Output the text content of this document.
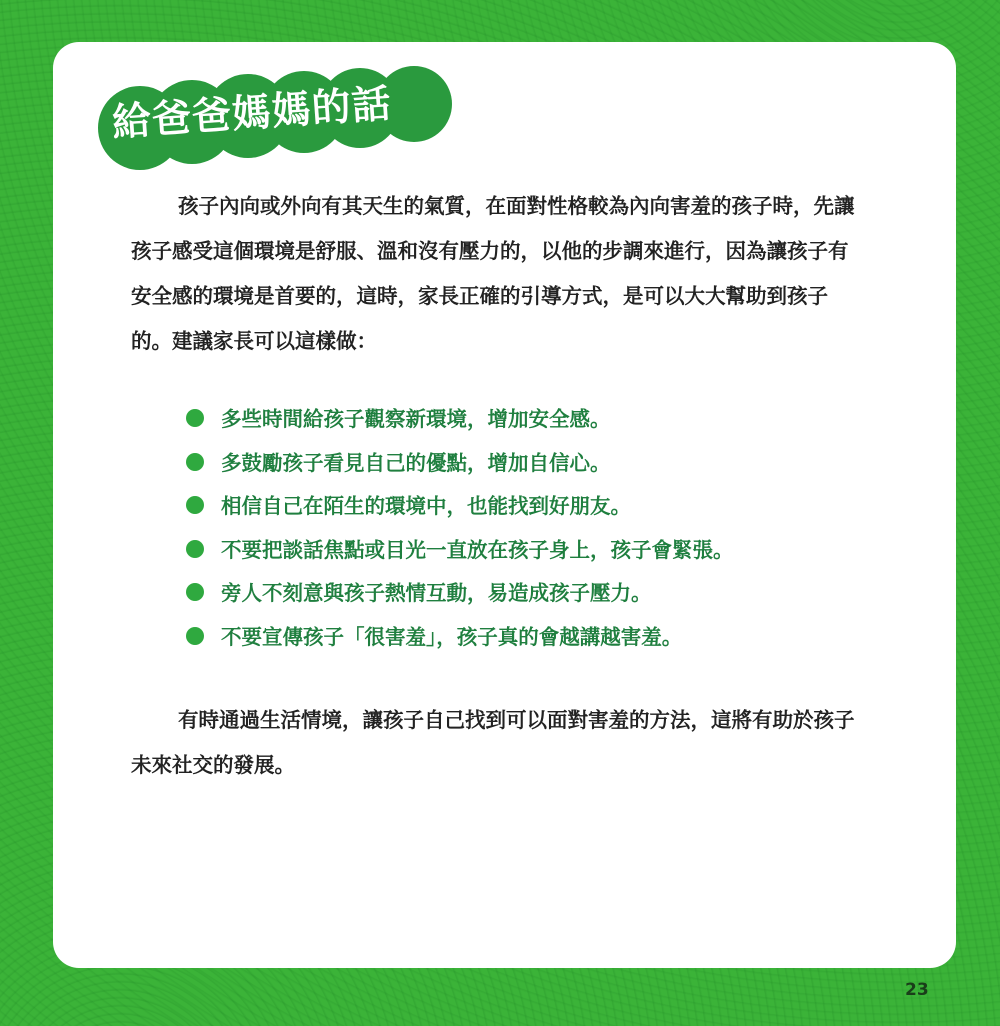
給爸爸媽媽的話

孩子內向或外向有其天生的氣質，在面對性格較為內向害羞的孩子時，先讓孩子感受這個環境是舒服、溫和沒有壓力的，以他的步調來進行，因為讓孩子有安全感的環境是首要的，這時，家長正確的引導方式，是可以大大幫助到孩子的。建議家長可以這樣做：

多些時間給孩子觀察新環境，增加安全感。
多鼓勵孩子看見自己的優點，增加自信心。
相信自己在陌生的環境中，也能找到好朋友。
不要把談話焦點或目光一直放在孩子身上，孩子會緊張。
旁人不刻意與孩子熱情互動，易造成孩子壓力。
不要宣傳孩子「很害羞」，孩子真的會越講越害羞。

有時通過生活情境，讓孩子自己找到可以面對害羞的方法，這將有助於孩子未來社交的發展。

23
